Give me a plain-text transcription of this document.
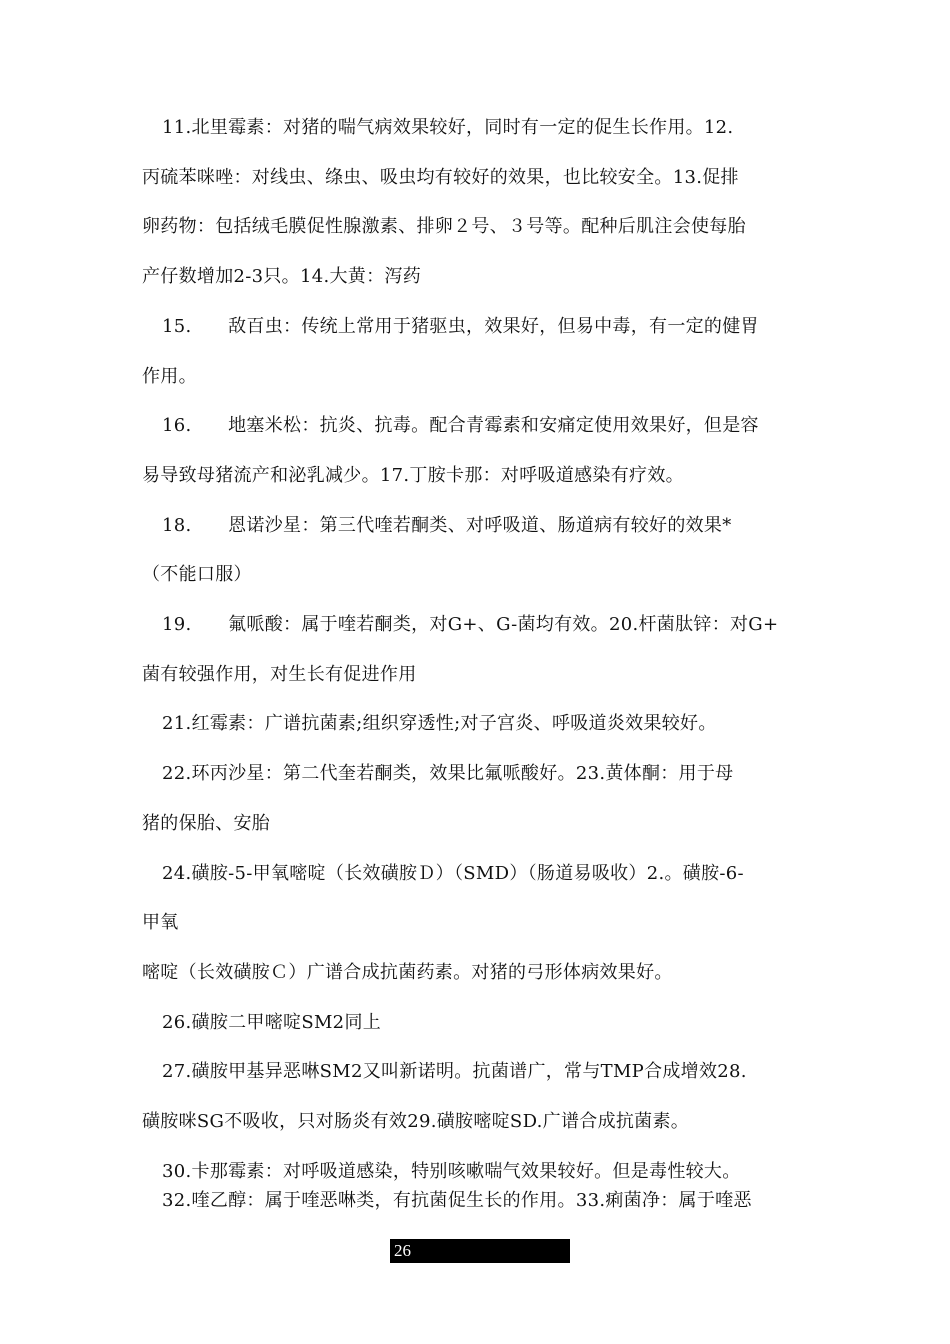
11.北里霉素：对猪的喘气病效果较好，同时有一定的促生长作用。12.
丙硫苯咪唑：对线虫、绦虫、吸虫均有较好的效果，也比较安全。13.促排
卵药物：包括绒毛膜促性腺激素、排卵２号、３号等。配种后肌注会使每胎
产仔数增加2-3只。14.大黄：泻药
15.　　敌百虫：传统上常用于猪驱虫，效果好，但易中毒，有一定的健胃
作用。
16.　　地塞米松：抗炎、抗毒。配合青霉素和安痛定使用效果好，但是容
易导致母猪流产和泌乳减少。17.丁胺卡那：对呼吸道感染有疗效。
18.　　恩诺沙星：第三代喹若酮类、对呼吸道、肠道病有较好的效果*
（不能口服）
19.　　氟哌酸：属于喹若酮类，对G+、G-菌均有效。20.杆菌肽锌：对G+
菌有较强作用，对生长有促进作用
21.红霉素：广谱抗菌素;组织穿透性;对子宫炎、呼吸道炎效果较好。
22.环丙沙星：第二代奎若酮类，效果比氟哌酸好。23.黄体酮：用于母
猪的保胎、安胎
24.磺胺-5-甲氧嘧啶（长效磺胺Ｄ）（SMD）（肠道易吸收）2.。磺胺-6-
甲氧
嘧啶（长效磺胺Ｃ）广谱合成抗菌药素。对猪的弓形体病效果好。
26.磺胺二甲嘧啶SM2同上
27.磺胺甲基异恶啉SM2又叫新诺明。抗菌谱广，常与TMP合成增效28.
磺胺咪SG不吸收，只对肠炎有效29.磺胺嘧啶SD.广谱合成抗菌素。
30.卡那霉素：对呼吸道感染，特别咳嗽喘气效果较好。但是毒性较大。
32.喹乙醇：属于喹恶啉类，有抗菌促生长的作用。33.痢菌净：属于喹恶
26
